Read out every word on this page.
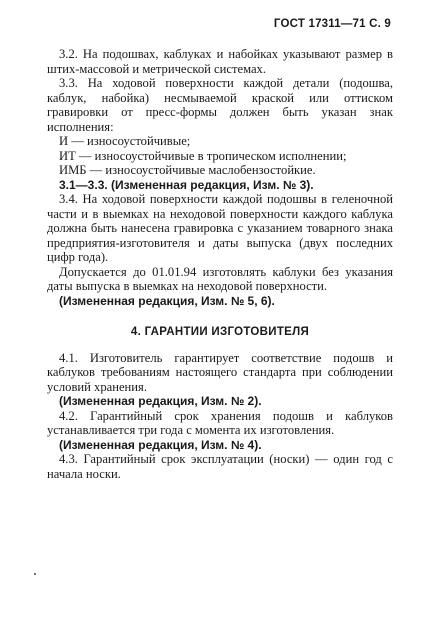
ГОСТ 17311—71 С. 9

3.2. На подошвах, каблуках и набойках указывают размер в штих-массовой и метрической системах.

3.3. На ходовой поверхности каждой детали (подошва, каблук, набойка) несмываемой краской или оттиском гравировки от пресс-формы должен быть указан знак исполнения:

И — износоустойчивые;

ИТ — износоустойчивые в тропическом исполнении;

ИМБ — износоустойчивые маслобензостойкие.

3.1—3.3. (Измененная редакция, Изм. № 3).

3.4. На ходовой поверхности каждой подошвы в геленочной части и в выемках на неходовой поверхности каждого каблука должна быть нанесена гравировка с указанием товарного знака предприятия-изготовителя и даты выпуска (двух последних цифр года).

Допускается до 01.01.94 изготовлять каблуки без указания даты выпуска в выемках на неходовой поверхности.

(Измененная редакция, Изм. № 5, 6).

4. ГАРАНТИИ ИЗГОТОВИТЕЛЯ

4.1. Изготовитель гарантирует соответствие подошв и каблуков требованиям настоящего стандарта при соблюдении условий хранения.

(Измененная редакция, Изм. № 2).

4.2. Гарантийный срок хранения подошв и каблуков устанавливается три года с момента их изготовления.

(Измененная редакция, Изм. № 4).

4.3. Гарантийный срок эксплуатации (носки) — один год с начала носки.
